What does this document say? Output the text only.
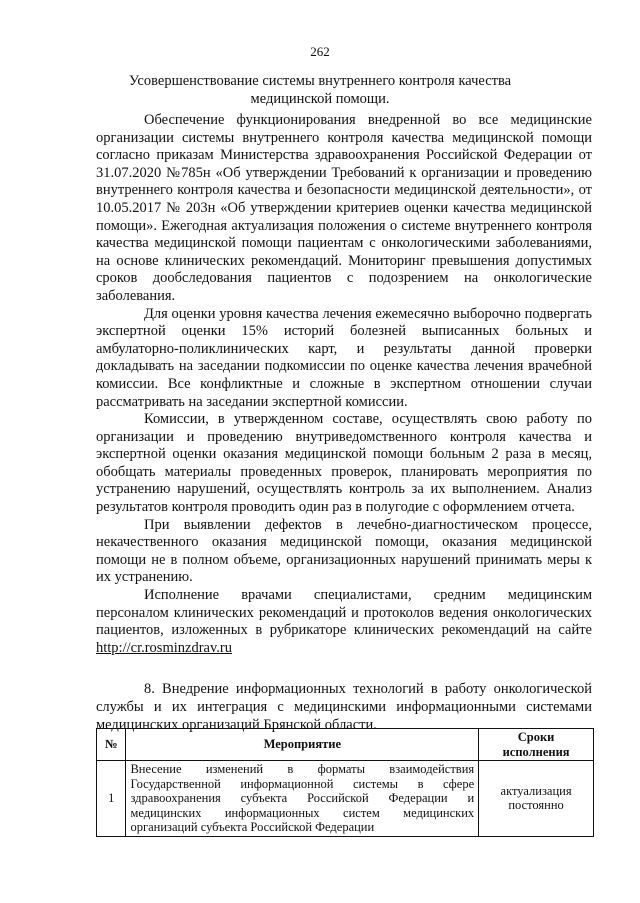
262
Усовершенствование системы внутреннего контроля качества медицинской помощи.

Обеспечение функционирования внедренной во все медицинские организации системы внутреннего контроля качества медицинской помощи согласно приказам Министерства здравоохранения Российской Федерации от 31.07.2020 №785н «Об утверждении Требований к организации и проведению внутреннего контроля качества и безопасности медицинской деятельности», от 10.05.2017 № 203н «Об утверждении критериев оценки качества медицинской помощи». Ежегодная актуализация положения о системе внутреннего контроля качества медицинской помощи пациентам с онкологическими заболеваниями, на основе клинических рекомендаций. Мониторинг превышения допустимых сроков дообследования пациентов с подозрением на онкологические заболевания.

Для оценки уровня качества лечения ежемесячно выборочно подвергать экспертной оценки 15% историй болезней выписанных больных и амбулаторно-поликлинических карт, и результаты данной проверки докладывать на заседании подкомиссии по оценке качества лечения врачебной комиссии. Все конфликтные и сложные в экспертном отношении случаи рассматривать на заседании экспертной комиссии.

Комиссии, в утвержденном составе, осуществлять свою работу по организации и проведению внутриведомственного контроля качества и экспертной оценки оказания медицинской помощи больным 2 раза в месяц, обобщать материалы проведенных проверок, планировать мероприятия по устранению нарушений, осуществлять контроль за их выполнением. Анализ результатов контроля проводить один раз в полугодие с оформлением отчета.

При выявлении дефектов в лечебно-диагностическом процессе, некачественного оказания медицинской помощи, оказания медицинской помощи не в полном объеме, организационных нарушений принимать меры к их устранению.

Исполнение врачами специалистами, средним медицинским персоналом клинических рекомендаций и протоколов ведения онкологических пациентов, изложенных в рубрикаторе клинических рекомендаций на сайте http://cr.rosminzdrav.ru

8. Внедрение информационных технологий в работу онкологической службы и их интеграция с медицинскими информационными системами медицинских организаций Брянской области.

№	Мероприятие	Сроки исполнения
1	Внесение изменений в форматы взаимодействия Государственной информационной системы в сфере здравоохранения субъекта Российской Федерации и медицинских информационных систем медицинских организаций субъекта Российской Федерации	актуализация постоянно
